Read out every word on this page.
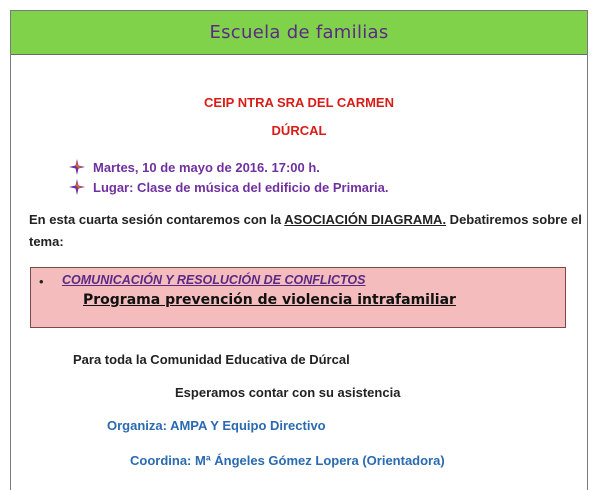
Escuela de familias
CEIP NTRA SRA DEL CARMEN
DÚRCAL
Martes, 10 de mayo de 2016. 17:00 h.
Lugar: Clase de música del edificio de Primaria.
En esta cuarta sesión contaremos con la ASOCIACIÓN DIAGRAMA. Debatiremos sobre el tema:
• COMUNICACIÓN Y RESOLUCIÓN DE CONFLICTOS
Programa prevención de violencia intrafamiliar
Para toda la Comunidad Educativa de Dúrcal
Esperamos contar con su asistencia
Organiza: AMPA Y Equipo Directivo
Coordina: Mª Ángeles Gómez Lopera (Orientadora)
